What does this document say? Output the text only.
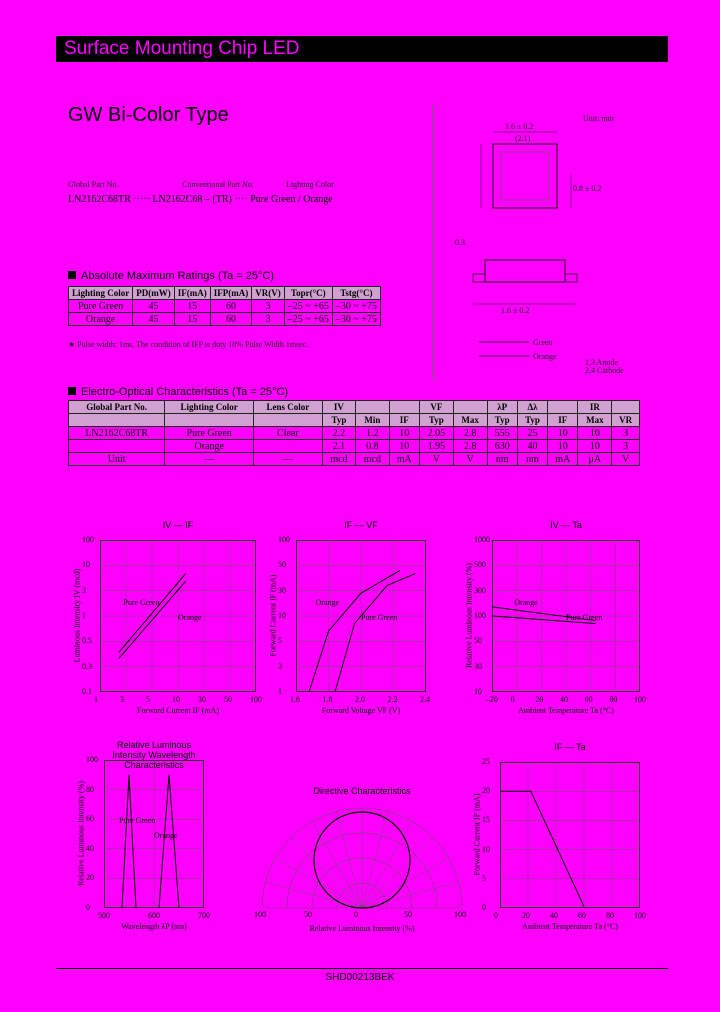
Surface Mounting Chip LED
GW Bi-Color Type
Global Part No.	Conventional Part No.	Lighting Color
LN2162C68TR ····· LN2162C68 – (TR) ···· Pure Green / Orange
Unit: mm
1.6 ± 0.2
(2.1)
0.8 ± 0.2
1.6 ± 0.2
0.3
Green
Orange
1,3 Anode
2,4 Cathode
Absolute Maximum Ratings (Ta = 25°C)
Lighting Color	PD(mW)	IF(mA)	IFP(mA)	VR(V)	Topr(°C)	Tstg(°C)
Pure Green	45	15	60	3	–25 ~ +65	–30 ~ +75
Orange	45	15	60	3	–25 ~ +65	–30 ~ +75
★ Pulse width: 1ms, The condition of IFP is duty 10% Pulse Width 1msec.
Electro-Optical Characteristics (Ta = 25°C)
Global Part No.	Lighting Color	Lens Color	IV			VF		λP	Δλ		IR	
			Typ	Min	IF	Typ	Max	Typ	Typ	IF	Max	VR
LN2162C68TR	Pure Green	Clear	2.2	1.2	10	2.05	2.8	555	25	10	10	3
	Orange		2.1	0.8	10	1.95	2.8	630	40	10	10	3
Unit	—	—	mcd	mcd	mA	V	V	nm	nm	mA	μA	V
IV — IF
Forward Current IF (mA)
1	3	5	10 30 50 100
100
10
3
1
0.5
0.3
0.1
Luminous Intensity IV (mcd)	Pure Green
Orange
IF — VF
Forward Voltage VF (V)
1.6	1.8	2.0	2.2	2.4
100
50
30
10
5
3
1
Forward Current IF (mA)	Orange
Pure Green
IV — Ta
Ambient Temperature Ta (°C)
–20 0	20 40 60 80 100
1000
500
300
100
50
30
10
Relative Luminous Intensity (%)	Orange
Pure Green
Relative Luminous Intensity Wavelength Characteristics
Wavelength λP (nm)
500	600	700
100
80
60
40
20
0
Relative Luminous Intensity (%)	Pure Green
Orange
IF — Ta
Ambient Temperature Ta (°C)
0	20	40	60	80	100
25
20
15
10
5
0
Forward Current IF (mA)
Directive Characteristics
Relative Luminous Intensity (%)
100	50	0	50	100
SHD00213BEK
